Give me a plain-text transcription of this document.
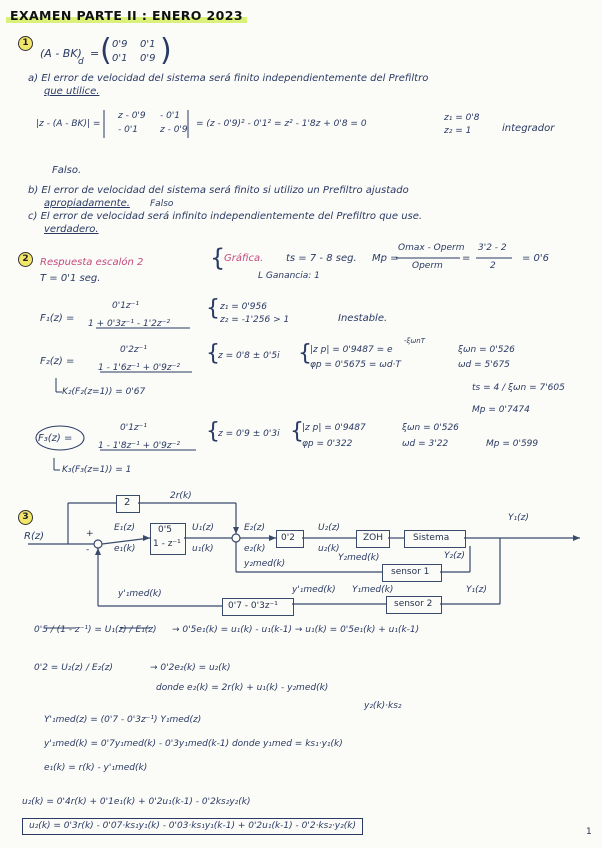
EXAMEN PARTE II : ENERO 2023
1
(A - BK)
d
= ( 0'9 0'1
0'1 0'9 )
a) El error de velocidad del sistema será finito independientemente del Prefiltro
que utilice.
|z - (A - BK)| =
z - 0'9 - 0'1
- 0'1 z - 0'9
= (z - 0'9)² - 0'1² = z² - 1'8z + 0'8 = 0
z₁ = 0'8
z₂ = 1	integrador
Falso.
b) El error de velocidad del sistema será finito si utilizo un Prefiltro ajustado
apropiadamente. Falso
c) El error de velocidad será infinito independientemente del Prefiltro que use.
verdadero.
2	Respuesta escalón 2
T = 0'1 seg.
{
Gráfica. ts = 7 - 8 seg.
L Ganancia: 1
Mp =
Omax - Operm
Operm
=
3'2 - 2
2
= 0'6
F₁(z) =
0'1z⁻¹
1 + 0'3z⁻¹ - 1'2z⁻²
{ z₁ = 0'956
z₂ = -1'256 > 1	Inestable.
F₂(z) =
0'2z⁻¹
1 - 1'6z⁻¹ + 0'9z⁻²
{
z = 0'8 ± 0'5i {
|z p| = 0'9487 = e
-ξωnT
ξωn = 0'526
φp = 0'5675 = ωd·T	ωd = 5'675
K₂(F₂(z=1)) = 0'67	ts = 4 / ξωn = 7'605
Mp = 0'7474
F₃(z) =
0'1z⁻¹
1 - 1'8z⁻¹ + 0'9z⁻²
{
z = 0'9 ± 0'3i {
|z p| = 0'9487	ξωn = 0'526
φp = 0'322	ωd = 3'22	Mp = 0'599
K₃(F₃(z=1)) = 1
3
R(z)
2
2r(k)
+
-
E₁(z)
e₁(k)
0'5
1 - z⁻¹
U₁(z)
u₁(k)
E₂(z)
e₂(k)
0'2
U₂(z)
u₂(k)
ZOH	Sistema
Y₁(z)
Y₂med(k)	Y₂(z)
sensor 1
y₂med(k)
Y₁med(k)
y'₁med(k)
sensor 2
Y₁(z)
0'7 - 0'3z⁻¹
y'₁med(k)
0'5 / (1 - z⁻¹) = U₁(z) / E₁(z) → 0'5e₁(k) = u₁(k) - u₁(k-1) → u₁(k) = 0'5e₁(k) + u₁(k-1)
0'2 = U₂(z) / E₂(z)	→ 0'2e₂(k) = u₂(k)
donde e₂(k) = 2r(k) + u₁(k) - y₂med(k)
y₂(k)·ks₂
Y'₁med(z) = (0'7 - 0'3z⁻¹) Y₁med(z)
y'₁med(k) = 0'7y₁med(k) - 0'3y₁med(k-1) donde y₁med = ks₁·y₁(k)
e₁(k) = r(k) - y'₁med(k)
u₂(k) = 0'4r(k) + 0'1e₁(k) + 0'2u₁(k-1) - 0'2ks₂y₂(k)
u₂(k) = 0'3r(k) - 0'07·ks₁y₁(k) - 0'03·ks₁y₁(k-1) + 0'2u₁(k-1) - 0'2·ks₂·y₂(k)
1
